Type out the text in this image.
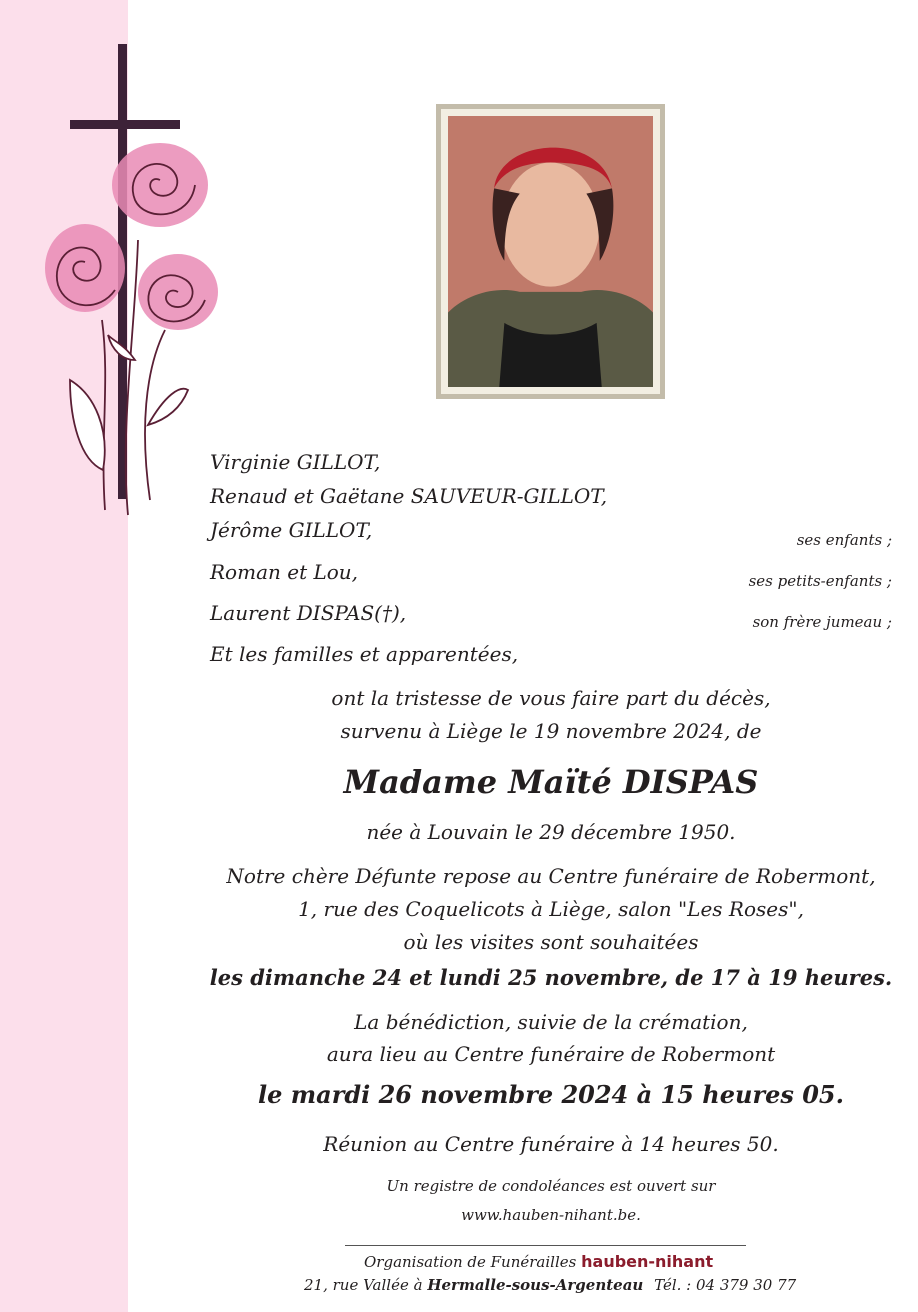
Virginie GILLOT,
Renaud et Gaëtane SAUVEUR-GILLOT,
Jérôme GILLOT,
Roman et Lou,
Laurent DISPAS(†),
Et les familles et apparentées,
ses enfants ;
ses petits-enfants ;
son frère jumeau ;
ont la tristesse de vous faire part du décès,
survenu à Liège le 19 novembre 2024, de
Madame Maïté DISPAS
née à Louvain le 29 décembre 1950.
Notre chère Défunte repose au Centre funéraire de Robermont,
1, rue des Coquelicots à Liège, salon "Les Roses",
où les visites sont souhaitées
les dimanche 24 et lundi 25 novembre, de 17 à 19 heures.
La bénédiction, suivie de la crémation,
aura lieu au Centre funéraire de Robermont
le mardi 26 novembre 2024 à 15 heures 05.
Réunion au Centre funéraire à 14 heures 50.
Un registre de condoléances est ouvert sur
www.hauben-nihant.be.
Organisation de Funérailles hauben-nihant
21, rue Vallée à Hermalle-sous-Argenteau Tél. : 04 379 30 77
